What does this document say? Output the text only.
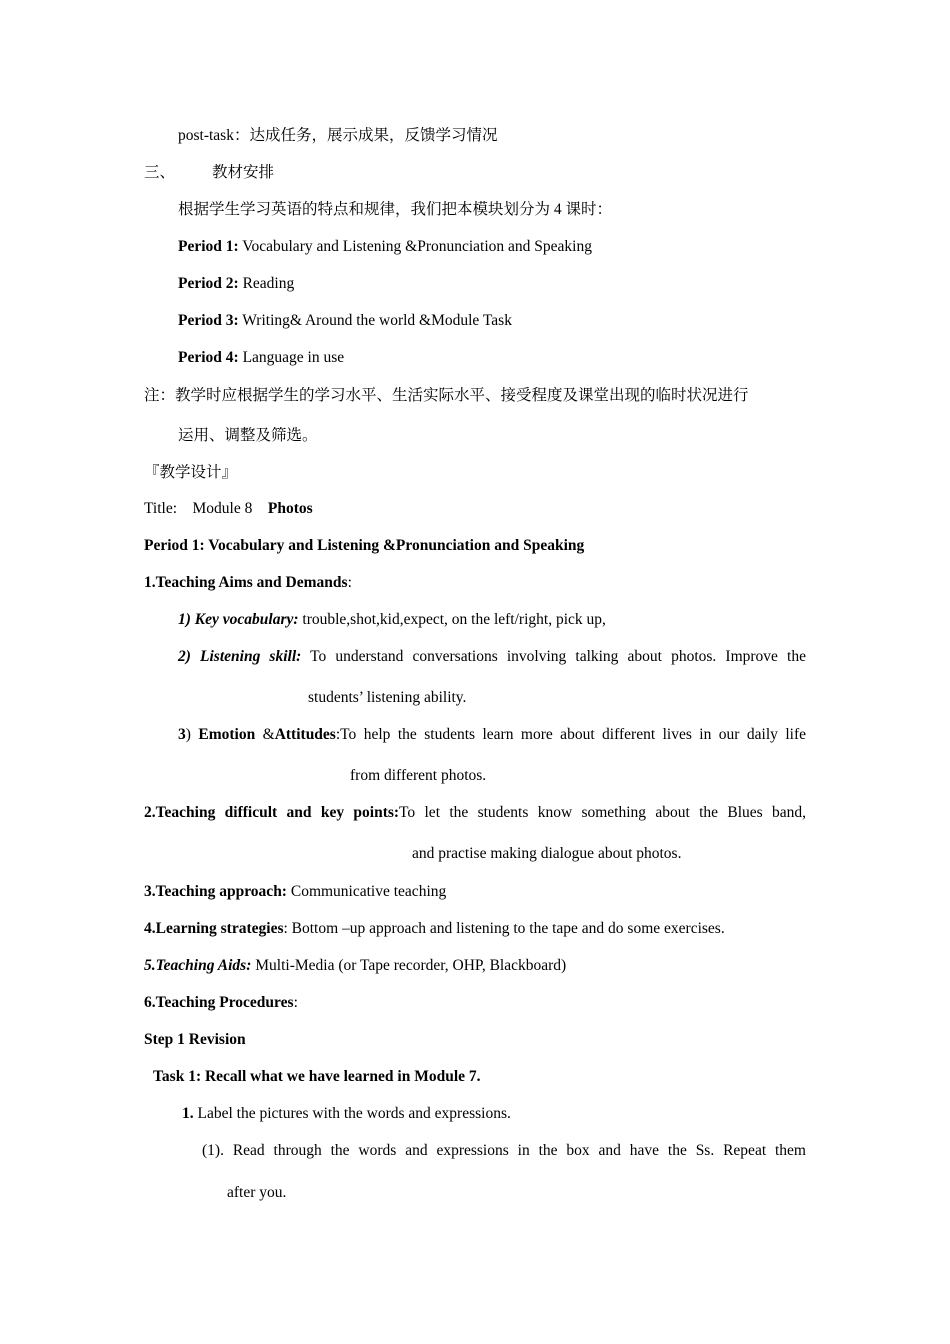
post-task：达成任务，展示成果，反馈学习情况
三、 教材安排
根据学生学习英语的特点和规律，我们把本模块划分为 4 课时：
Period 1: Vocabulary and Listening &Pronunciation and Speaking
Period 2: Reading
Period 3: Writing& Around the world &Module Task
Period 4: Language in use
注：教学时应根据学生的学习水平、生活实际水平、接受程度及课堂出现的临时状况进行
运用、调整及筛选。
『教学设计』
Title:    Module 8    Photos
Period 1: Vocabulary and Listening &Pronunciation and Speaking
1.Teaching Aims and Demands:
1) Key vocabulary: trouble,shot,kid,expect, on the left/right, pick up,
2) Listening skill: To understand conversations involving talking about photos. Improve the
students’ listening ability.
3) Emotion &Attitudes:To help the students learn more about different lives in our daily life
from different photos.
2.Teaching difficult and key points:To let the students know something about the Blues band,
and practise making dialogue about photos.
3.Teaching approach: Communicative teaching
4.Learning strategies: Bottom –up approach and listening to the tape and do some exercises.
5.Teaching Aids: Multi-Media (or Tape recorder, OHP, Blackboard)
6.Teaching Procedures:
Step 1 Revision
Task 1: Recall what we have learned in Module 7.
1. Label the pictures with the words and expressions.
(1). Read through the words and expressions in the box and have the Ss. Repeat them
after you.
